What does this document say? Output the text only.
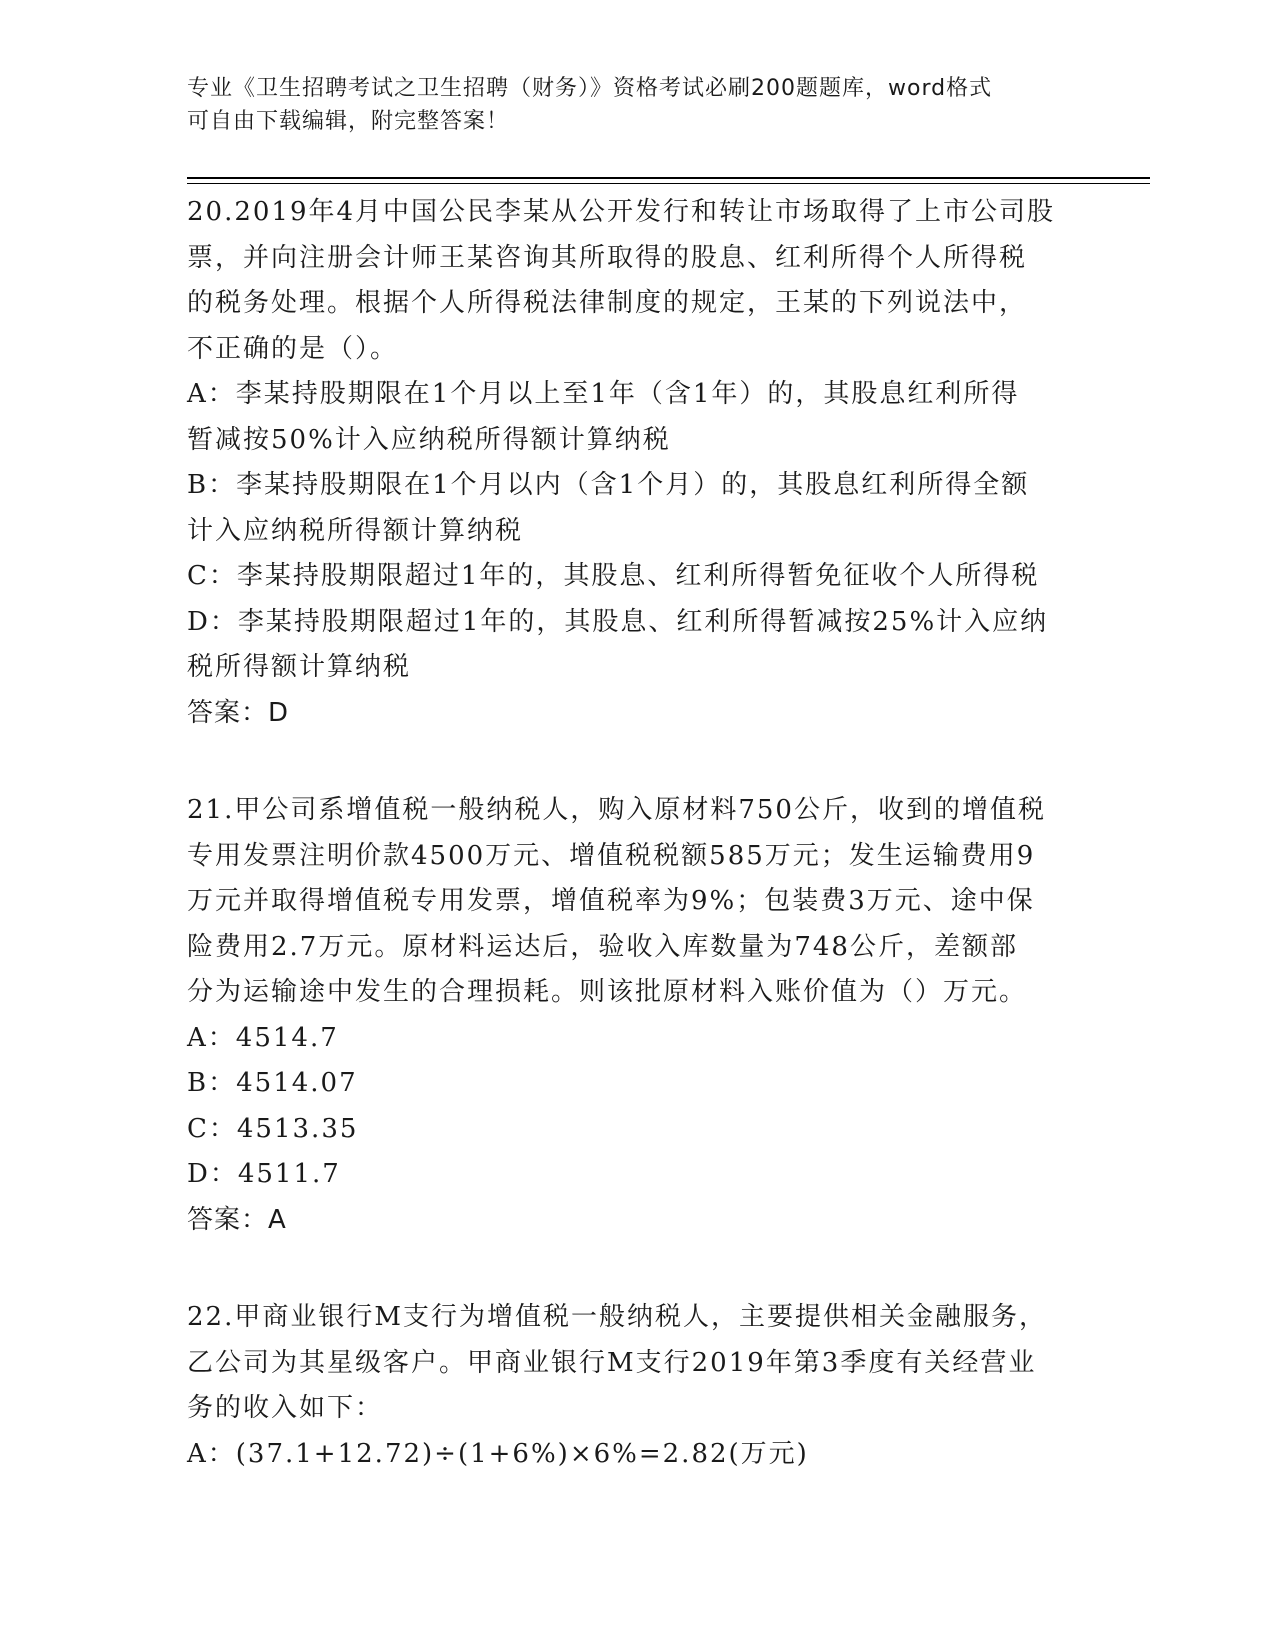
专业《卫生招聘考试之卫生招聘（财务）》资格考试必刷200题题库，word格式

可自由下载编辑，附完整答案！

20.2019年4月中国公民李某从公开发行和转让市场取得了上市公司股

票，并向注册会计师王某咨询其所取得的股息、红利所得个人所得税

的税务处理。根据个人所得税法律制度的规定，王某的下列说法中，

不正确的是（）。

A：李某持股期限在1个月以上至1年（含1年）的，其股息红利所得

暂减按50%计入应纳税所得额计算纳税

B：李某持股期限在1个月以内（含1个月）的，其股息红利所得全额

计入应纳税所得额计算纳税

C：李某持股期限超过1年的，其股息、红利所得暂免征收个人所得税

D：李某持股期限超过1年的，其股息、红利所得暂减按25%计入应纳

税所得额计算纳税

答案：D

21.甲公司系增值税一般纳税人，购入原材料750公斤，收到的增值税

专用发票注明价款4500万元、增值税税额585万元；发生运输费用9

万元并取得增值税专用发票，增值税率为9%；包装费3万元、途中保

险费用2.7万元。原材料运达后，验收入库数量为748公斤，差额部

分为运输途中发生的合理损耗。则该批原材料入账价值为（）万元。

A：4514.7

B：4514.07

C：4513.35

D：4511.7

答案：A

22.甲商业银行M支行为增值税一般纳税人，主要提供相关金融服务，

乙公司为其星级客户。甲商业银行M支行2019年第3季度有关经营业

务的收入如下：

A：(37.1+12.72)÷(1+6%)×6%=2.82(万元)
